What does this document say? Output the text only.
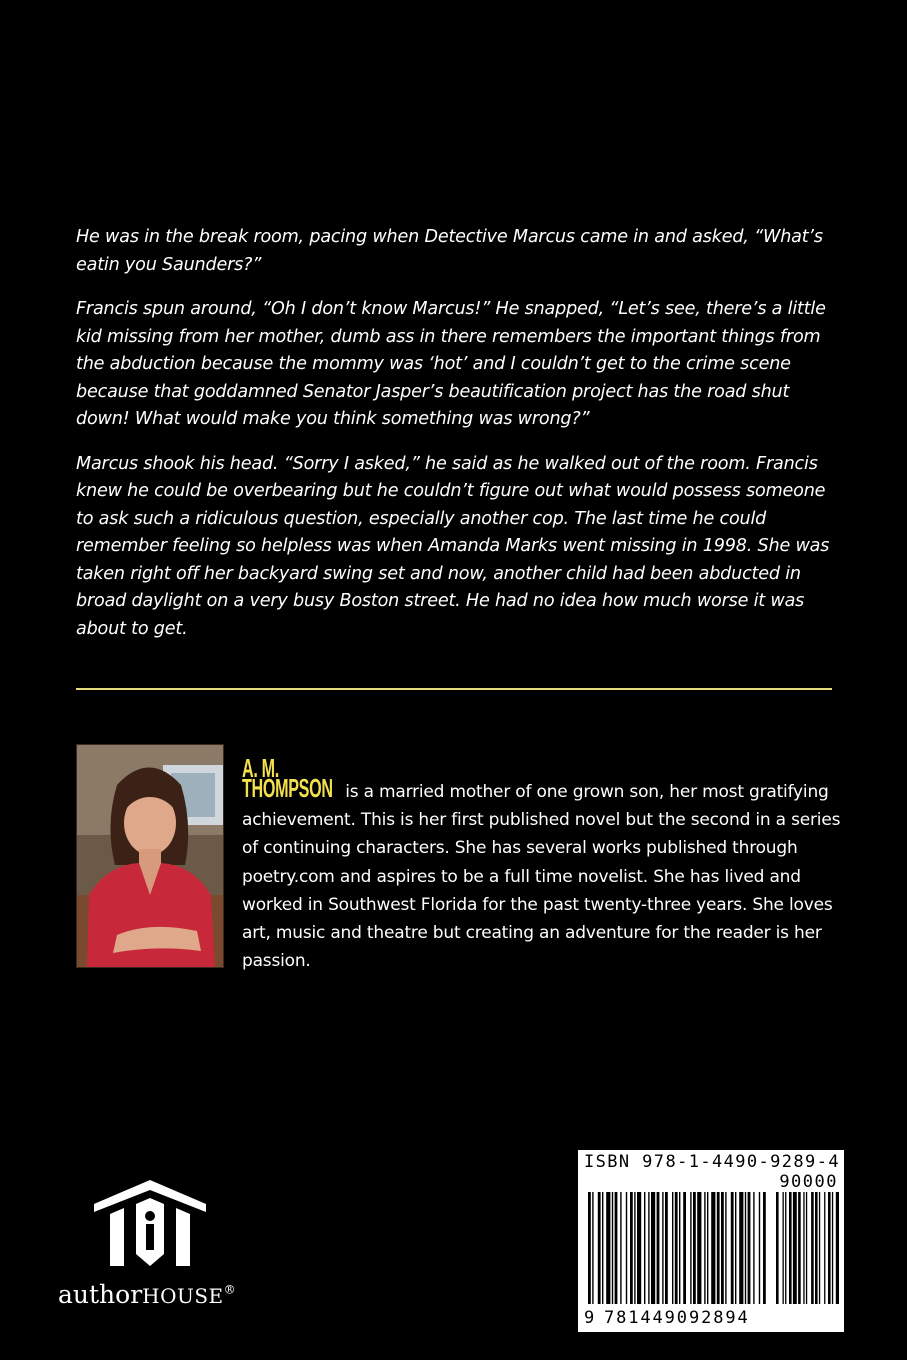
He was in the break room, pacing when Detective Marcus came in and asked, “What’s eatin you Saunders?”

Francis spun around, “Oh I don’t know Marcus!” He snapped, “Let’s see, there’s a little kid missing from her mother, dumb ass in there remembers the important things from the abduction because the mommy was ‘hot’ and I couldn’t get to the crime scene because that goddamned Senator Jasper’s beautification project has the road shut down! What would make you think something was wrong?”

Marcus shook his head. “Sorry I asked,” he said as he walked out of the room. Francis knew he could be overbearing but he couldn’t figure out what would possess someone to ask such a ridiculous question, especially another cop. The last time he could remember feeling so helpless was when Amanda Marks went missing in 1998. She was taken right off her backyard swing set and now, another child had been abducted in broad daylight on a very busy Boston street. He had no idea how much worse it was about to get.

A. M. THOMPSON is a married mother of one grown son, her most gratifying achievement. This is her first published novel but the second in a series of continuing characters. She has several works published through poetry.com and aspires to be a full time novelist. She has lived and worked in Southwest Florida for the past twenty-three years. She loves art, music and theatre but creating an adventure for the reader is her passion.
authorHOUSE®
ISBN 978-1-4490-9289-4
90000
9 781449092894
